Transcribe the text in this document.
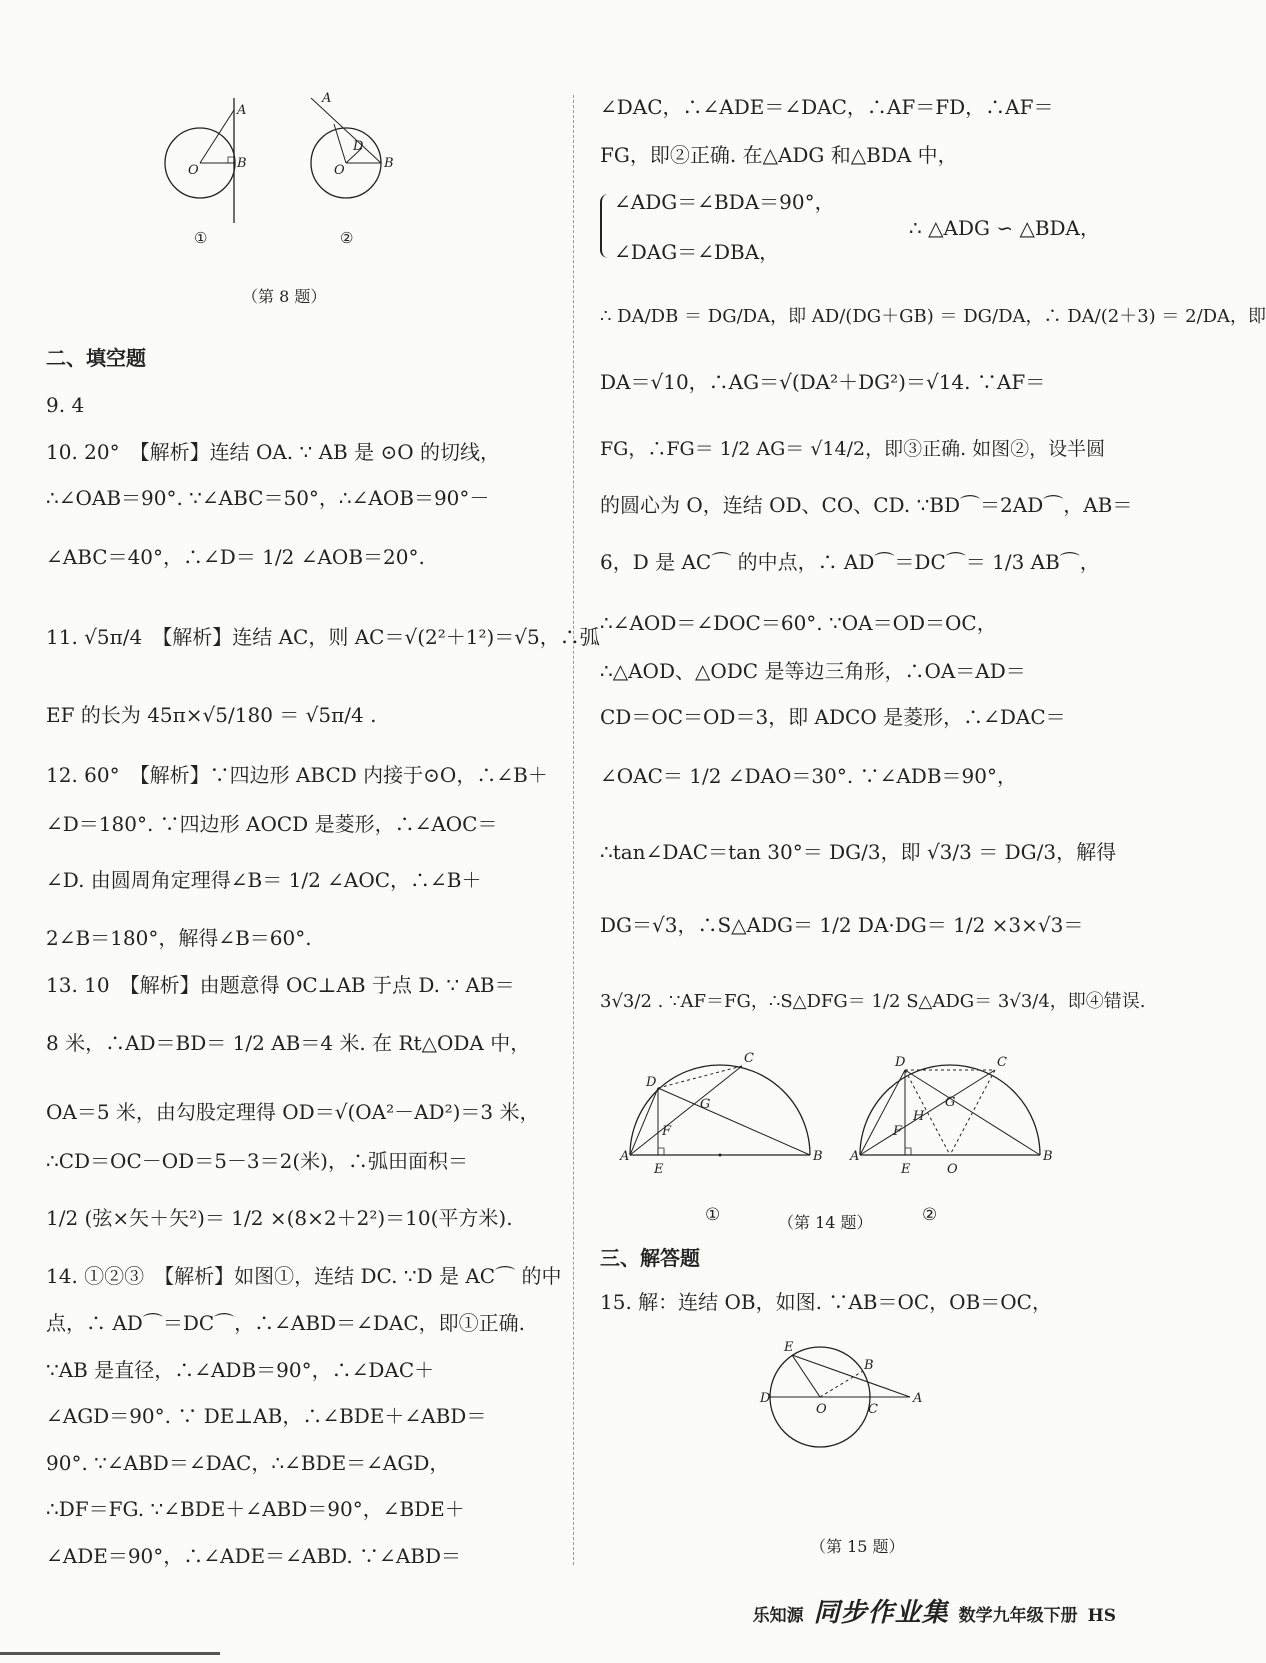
A
B
O
A
B
O
D
①	②
（第 8 题）
二、填空题
9. 4
10. 20°　【解析】连结 OA. ∵ AB 是 ⊙O 的切线，
∴∠OAB＝90°. ∵∠ABC＝50°，∴∠AOB＝90°－
∠ABC＝40°，∴∠D＝ 1/2 ∠AOB＝20°.
11. √5π/4　【解析】连结 AC，则 AC＝√(2²＋1²)＝√5，∴弧
EF 的长为 45π×√5/180 ＝ √5π/4 .
12. 60°　【解析】∵四边形 ABCD 内接于⊙O，∴∠B＋
∠D＝180°. ∵四边形 AOCD 是菱形，∴∠AOC＝
∠D. 由圆周角定理得∠B＝ 1/2 ∠AOC，∴∠B＋
2∠B＝180°，解得∠B＝60°.
13. 10　【解析】由题意得 OC⊥AB 于点 D. ∵ AB＝
8 米，∴AD＝BD＝ 1/2 AB＝4 米. 在 Rt△ODA 中，
OA＝5 米，由勾股定理得 OD＝√(OA²－AD²)＝3 米，
∴CD＝OC－OD＝5－3＝2(米)，∴弧田面积＝
1/2 (弦×矢＋矢²)＝ 1/2 ×(8×2＋2²)＝10(平方米).
14. ①②③　【解析】如图①，连结 DC. ∵D 是 AC⌒ 的中
点，∴ AD⌒＝DC⌒，∴∠ABD＝∠DAC，即①正确.
∵AB 是直径，∴∠ADB＝90°，∴∠DAC＋
∠AGD＝90°. ∵ DE⊥AB，∴∠BDE＋∠ABD＝
90°. ∵∠ABD＝∠DAC，∴∠BDE＝∠AGD，
∴DF＝FG. ∵∠BDE＋∠ABD＝90°，∠BDE＋
∠ADE＝90°，∴∠ADE＝∠ABD. ∵∠ABD＝
∠DAC，∴∠ADE＝∠DAC，∴AF＝FD，∴AF＝
FG，即②正确. 在△ADG 和△BDA 中，
∠ADG＝∠BDA＝90°，
∴ △ADG ∽ △BDA，
∠DAG＝∠DBA，
∴ DA/DB ＝ DG/DA，即 AD/(DG＋GB) ＝ DG/DA，∴ DA/(2＋3) ＝ 2/DA，即
DA＝√10，∴AG＝√(DA²＋DG²)＝√14. ∵AF＝
FG，∴FG＝ 1/2 AG＝ √14/2，即③正确. 如图②，设半圆
的圆心为 O，连结 OD、CO、CD. ∵BD⌒＝2AD⌒，AB＝
6，D 是 AC⌒ 的中点，∴ AD⌒＝DC⌒＝ 1/3 AB⌒，
∴∠AOD＝∠DOC＝60°. ∵OA＝OD＝OC，
∴△AOD、△ODC 是等边三角形，∴OA＝AD＝
CD＝OC＝OD＝3，即 ADCO 是菱形，∴∠DAC＝
∠OAC＝ 1/2 ∠DAO＝30°. ∵∠ADB＝90°，
∴tan∠DAC＝tan 30°＝ DG/3，即 √3/3 ＝ DG/3，解得
DG＝√3，∴S△ADG＝ 1/2 DA·DG＝ 1/2 ×3×√3＝
3√3/2 . ∵AF＝FG，∴S△DFG＝ 1/2 S△ADG＝ 3√3/4，即④错误.
A	B
C
D
E
F
G
A	B
C
D
E
F
G
H
O
①	（第 14 题）	②
三、解答题
15. 解：连结 OB，如图. ∵AB＝OC，OB＝OC，
A
B
C
D
E
O
（第 15 题）
乐知源 同步作业集 数学九年级下册 HS
